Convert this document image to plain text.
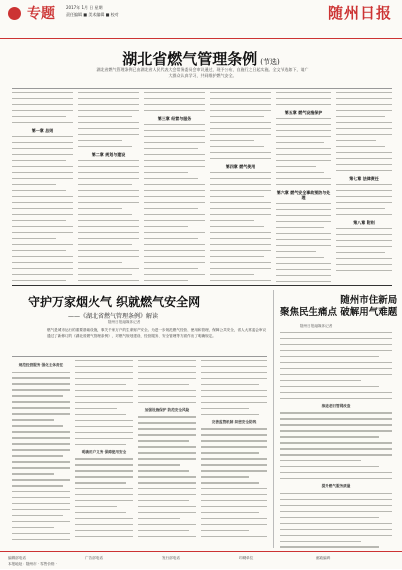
专题	2017年 1月 日 星期
责任编辑 ■ 美术编辑 ■ 校对	随州日报
湖北省燃气管理条例 (节选)
湖北省燃气管理条例已由湖北省人民代表大会常务委员会审议通过，现予公布，自施行之日起实施。全文节选如下，请广大群众认真学习，共同维护燃气安全。
第一章 总则
第二章 规划与建设
第三章 经营与服务
第四章 燃气使用
第五章 燃气设施保护
第六章 燃气安全事故预防与处理
第七章 法律责任
第八章 附则
守护万家烟火气 织就燃气安全网
——《湖北省燃气管理条例》解读
随州日报融媒体记者
燃气是城市运行的重要基础设施，事关千家万户的生命财产安全。为进一步规范燃气经营、使用和管理，保障公共安全，省人大常委会审议通过了新修订的《湖北省燃气管理条例》，对燃气规划建设、经营服务、安全管理等方面作出了明确规定。
规范经营服务 强化主体责任
明确用户义务 保障使用安全
加强设施保护 防范安全风险
完善监管机制 织密安全防线
随州市住新局
聚焦民生痛点 破解用气难题
随州日报融媒体记者
推进老旧管网改造
提升燃气服务质量
编辑部电话	广告部电话	发行部电话	印刷单位	邮政编码
本报地址：随州市 · 零售价格 ·
